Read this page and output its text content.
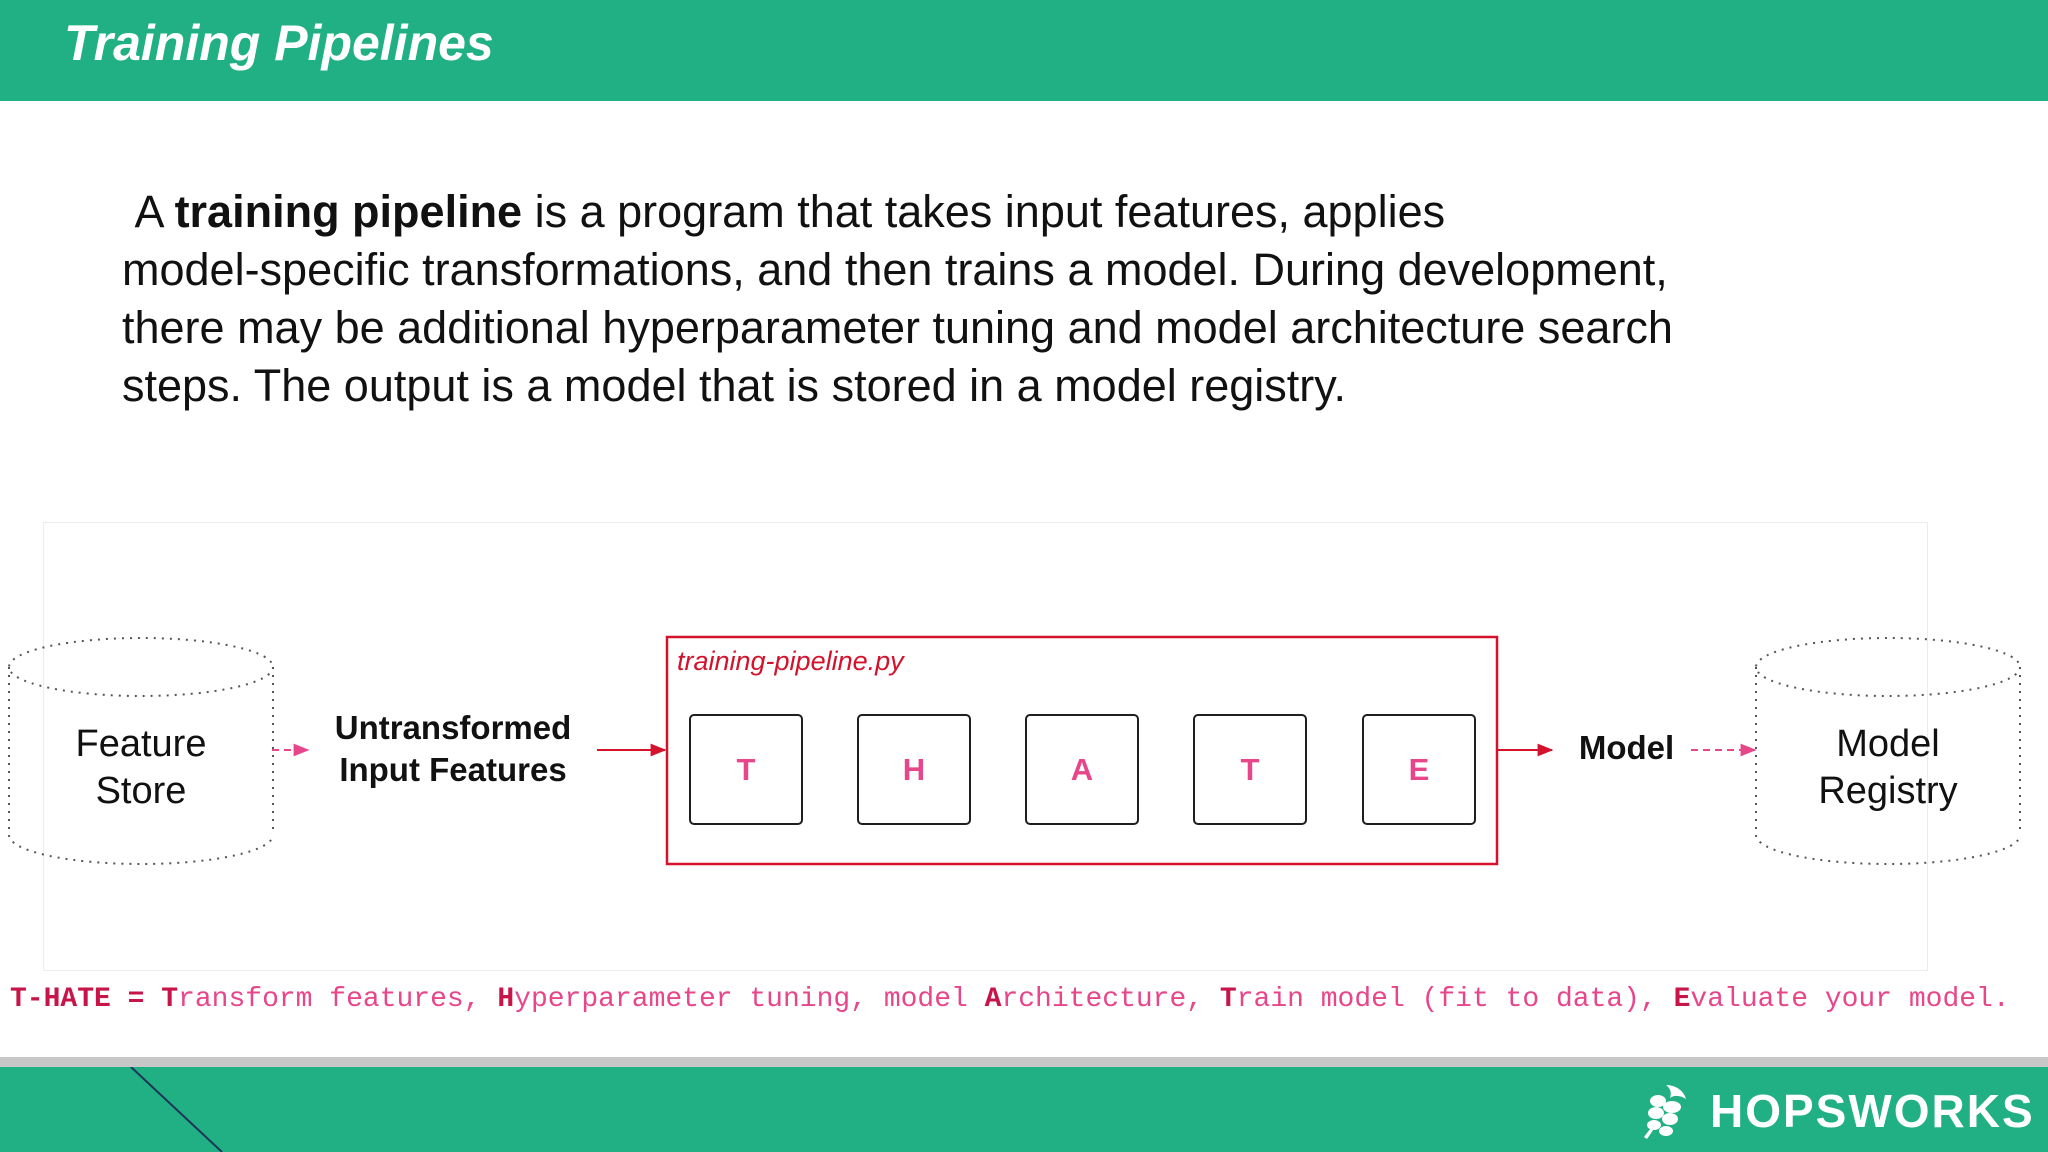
Training Pipelines

A training pipeline is a program that takes input features, applies

model-specific transformations, and then trains a model. During development,

there may be additional hyperparameter tuning and model architecture search

steps. The output is a model that is stored in a model registry.

Feature
Store
Untransformed
Input Features
training-pipeline.py
T	H	A	T	E
Model	Model
Registry
T-HATE = Transform features, Hyperparameter tuning, model Architecture, Train model (fit to data), Evaluate your model.
HOPSWORKS
